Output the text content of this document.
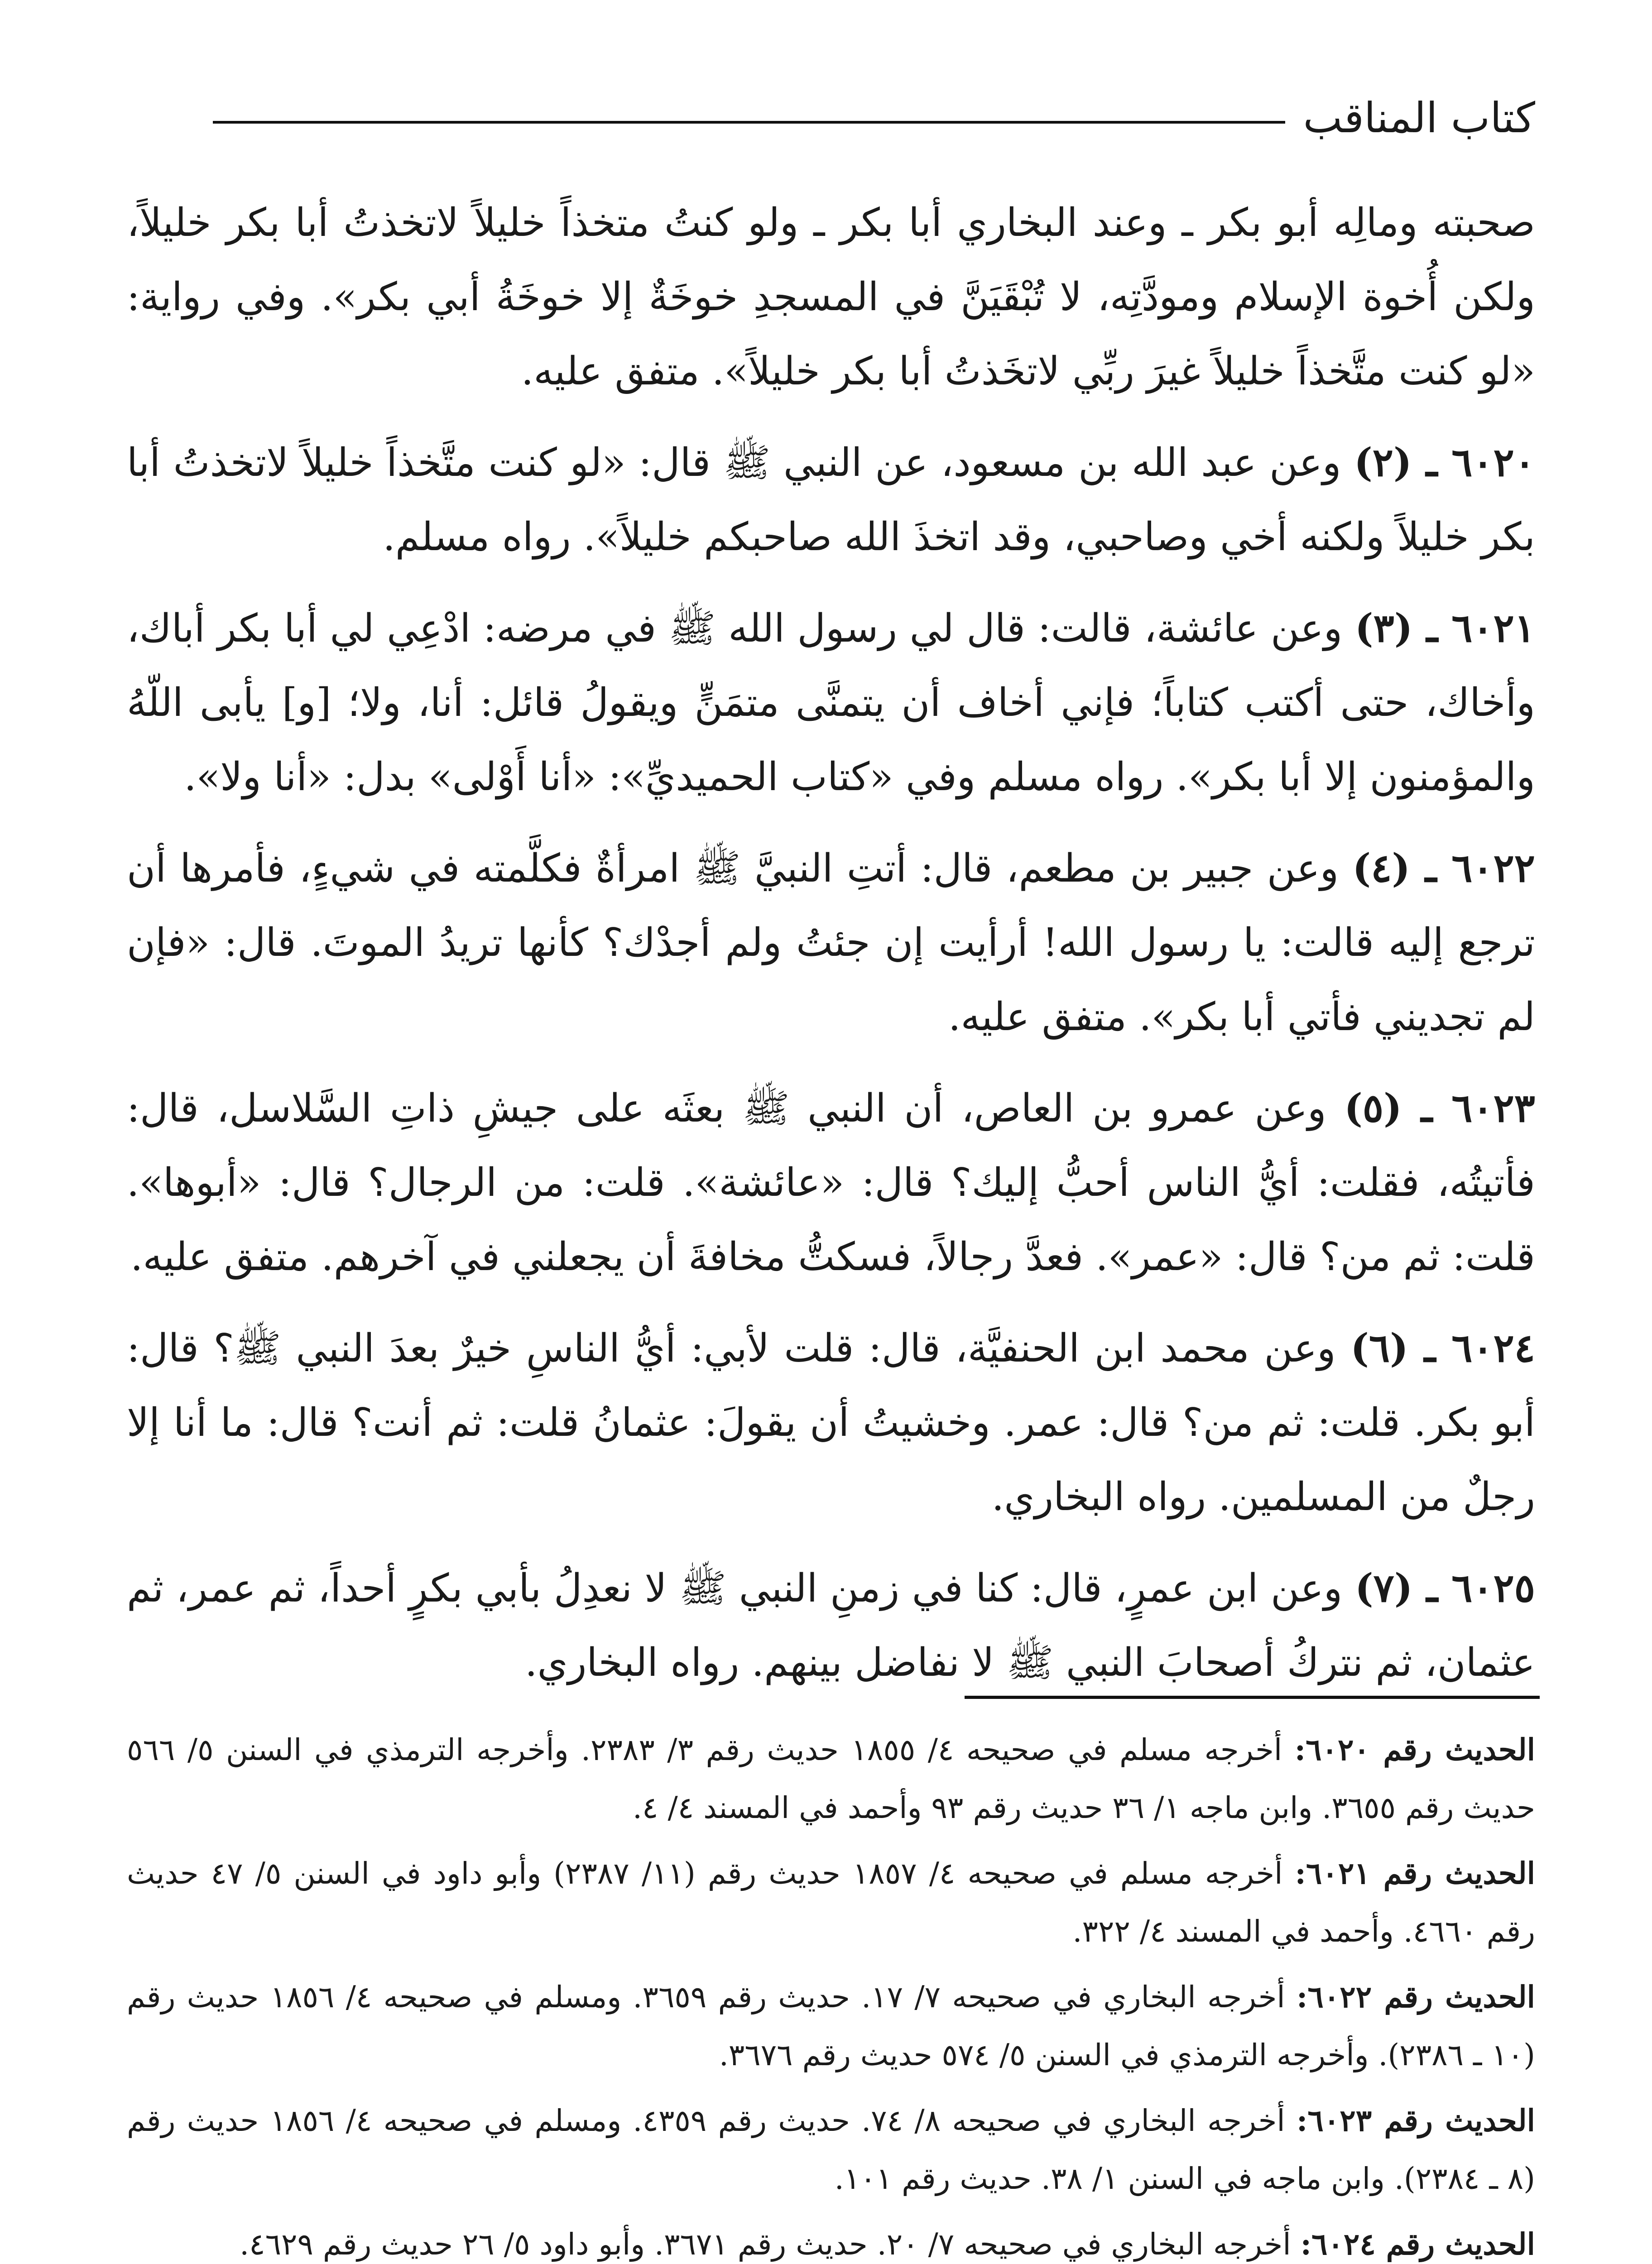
كتاب المناقب

صحبته ومالِه أبو بكر ـ وعند البخاري أبا بكر ـ ولو كنتُ متخذاً خليلاً لاتخذتُ أبا بكر خليلاً، ولكن أُخوة الإسلام ومودَّتِه، لا تُبْقَيَنَّ في المسجدِ خوخَةٌ إلا خوخَةُ أبي بكر». وفي رواية: «لو كنت متَّخذاً خليلاً غيرَ ربِّي لاتخَذتُ أبا بكر خليلاً». متفق عليه.

٦٠٢٠ ـ (٢) وعن عبد الله بن مسعود، عن النبي ﷺ قال: «لو كنت متَّخذاً خليلاً لاتخذتُ أبا بكر خليلاً ولكنه أخي وصاحبي، وقد اتخذَ الله صاحبكم خليلاً». رواه مسلم.

٦٠٢١ ـ (٣) وعن عائشة، قالت: قال لي رسول الله ﷺ في مرضه: ادْعِي لي أبا بكر أباك، وأخاك، حتى أكتب كتاباً؛ فإني أخاف أن يتمنَّى متمَنٍّ ويقولُ قائل: أنا، ولا؛ [و] يأبى اللّهُ والمؤمنون إلا أبا بكر». رواه مسلم وفي «كتاب الحميديِّ»: «أنا أَوْلى» بدل: «أنا ولا».

٦٠٢٢ ـ (٤) وعن جبير بن مطعم، قال: أتتِ النبيَّ ﷺ امرأةٌ فكلَّمته في شيءٍ، فأمرها أن ترجع إليه قالت: يا رسول الله! أرأيت إن جئتُ ولم أجدْك؟ كأنها تريدُ الموتَ. قال: «فإن لم تجديني فأتي أبا بكر». متفق عليه.

٦٠٢٣ ـ (٥) وعن عمرو بن العاص، أن النبي ﷺ بعثَه على جيشِ ذاتِ السَّلاسل، قال: فأتيتُه، فقلت: أيُّ الناس أحبُّ إليك؟ قال: «عائشة». قلت: من الرجال؟ قال: «أبوها». قلت: ثم من؟ قال: «عمر». فعدَّ رجالاً، فسكتُّ مخافةَ أن يجعلني في آخرهم. متفق عليه.

٦٠٢٤ ـ (٦) وعن محمد ابن الحنفيَّة، قال: قلت لأبي: أيُّ الناسِ خيرٌ بعدَ النبي ﷺ؟ قال: أبو بكر. قلت: ثم من؟ قال: عمر. وخشيتُ أن يقولَ: عثمانُ قلت: ثم أنت؟ قال: ما أنا إلا رجلٌ من المسلمين. رواه البخاري.

٦٠٢٥ ـ (٧) وعن ابن عمرٍ، قال: كنا في زمنِ النبي ﷺ لا نعدِلُ بأبي بكرٍ أحداً، ثم عمر، ثم عثمان، ثم نتركُ أصحابَ النبي ﷺ لا نفاضل بينهم. رواه البخاري.

الحديث رقم ٦٠٢٠: أخرجه مسلم في صحيحه ٤/ ١٨٥٥ حديث رقم ٣/ ٢٣٨٣. وأخرجه الترمذي في السنن ٥/ ٥٦٦ حديث رقم ٣٦٥٥. وابن ماجه ١/ ٣٦ حديث رقم ٩٣ وأحمد في المسند ٤/ ٤.

الحديث رقم ٦٠٢١: أخرجه مسلم في صحيحه ٤/ ١٨٥٧ حديث رقم (١١/ ٢٣٨٧) وأبو داود في السنن ٥/ ٤٧ حديث رقم ٤٦٦٠. وأحمد في المسند ٤/ ٣٢٢.

الحديث رقم ٦٠٢٢: أخرجه البخاري في صحيحه ٧/ ١٧. حديث رقم ٣٦٥٩. ومسلم في صحيحه ٤/ ١٨٥٦ حديث رقم (١٠ ـ ٢٣٨٦). وأخرجه الترمذي في السنن ٥/ ٥٧٤ حديث رقم ٣٦٧٦.

الحديث رقم ٦٠٢٣: أخرجه البخاري في صحيحه ٨/ ٧٤. حديث رقم ٤٣٥٩. ومسلم في صحيحه ٤/ ١٨٥٦ حديث رقم (٨ ـ ٢٣٨٤). وابن ماجه في السنن ١/ ٣٨. حديث رقم ١٠١.

الحديث رقم ٦٠٢٤: أخرجه البخاري في صحيحه ٧/ ٢٠. حديث رقم ٣٦٧١. وأبو داود ٥/ ٢٦ حديث رقم ٤٦٢٩.
